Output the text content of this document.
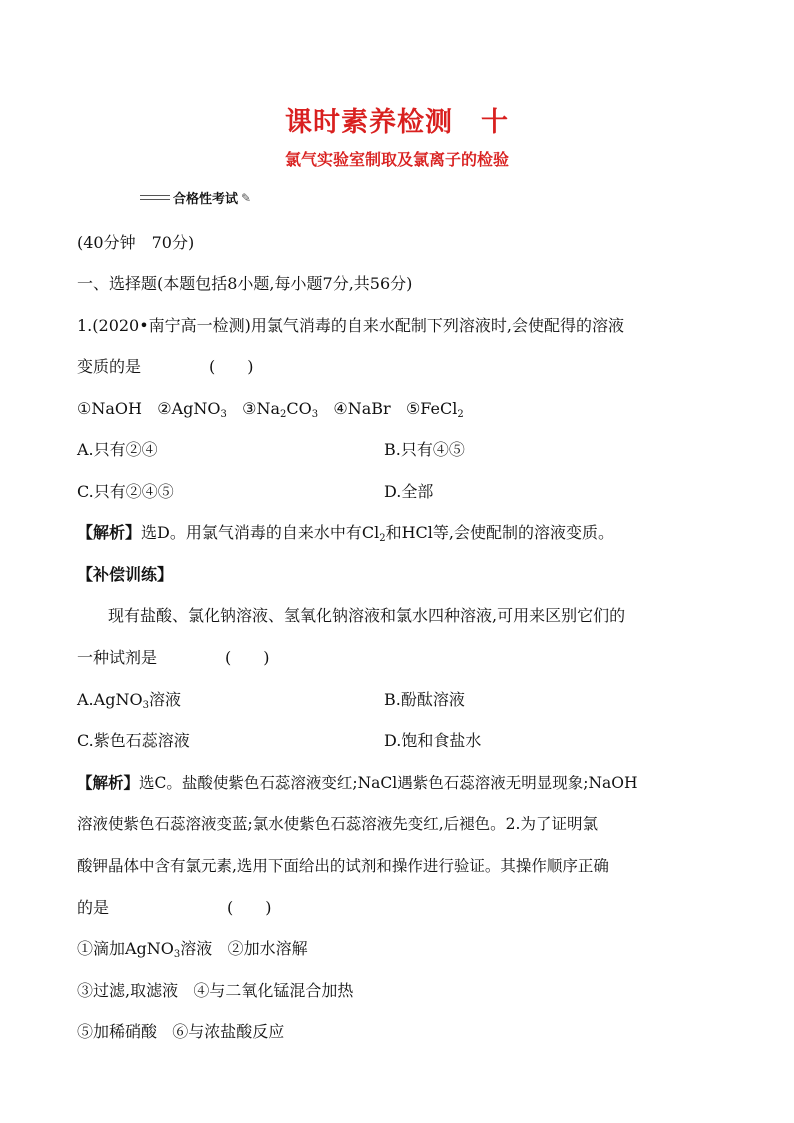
课时素养检测　十
氯气实验室制取及氯离子的检验
合格性考试 ✎
(40分钟　70分)
一、选择题(本题包括8小题,每小题7分,共56分)
1.(2020•南宁高一检测)用氯气消毒的自来水配制下列溶液时,会使配得的溶液
变质的是	(　　)
①NaOH ②AgNO$_3$ $③Na_2CO_3$ ④NaBr ⑤FeCl$_2$
A.只有②④	B.只有④⑤
C.只有②④⑤	D.全部
【解析】选D。用氯气消毒的自来水中有$Cl_2$和HCl等,会使配制的溶液变质。
【补偿训练】
现有盐酸、氯化钠溶液、氢氧化钠溶液和氯水四种溶液,可用来区别它们的
一种试剂是	(　　)
A.AgNO$_3$溶液	B.酚酞溶液
C.紫色石蕊溶液	D.饱和食盐水
【解析】选C。盐酸使紫色石蕊溶液变红;NaCl遇紫色石蕊溶液无明显现象;NaOH
溶液使紫色石蕊溶液变蓝;氯水使紫色石蕊溶液先变红,后褪色。2.为了证明氯
酸钾晶体中含有氯元素,选用下面给出的试剂和操作进行验证。其操作顺序正确
的是	(　　)
①滴加AgNO$_3$溶液 ②加水溶解
③过滤,取滤液 ④与二氧化锰混合加热
⑤加稀硝酸 ⑥与浓盐酸反应
